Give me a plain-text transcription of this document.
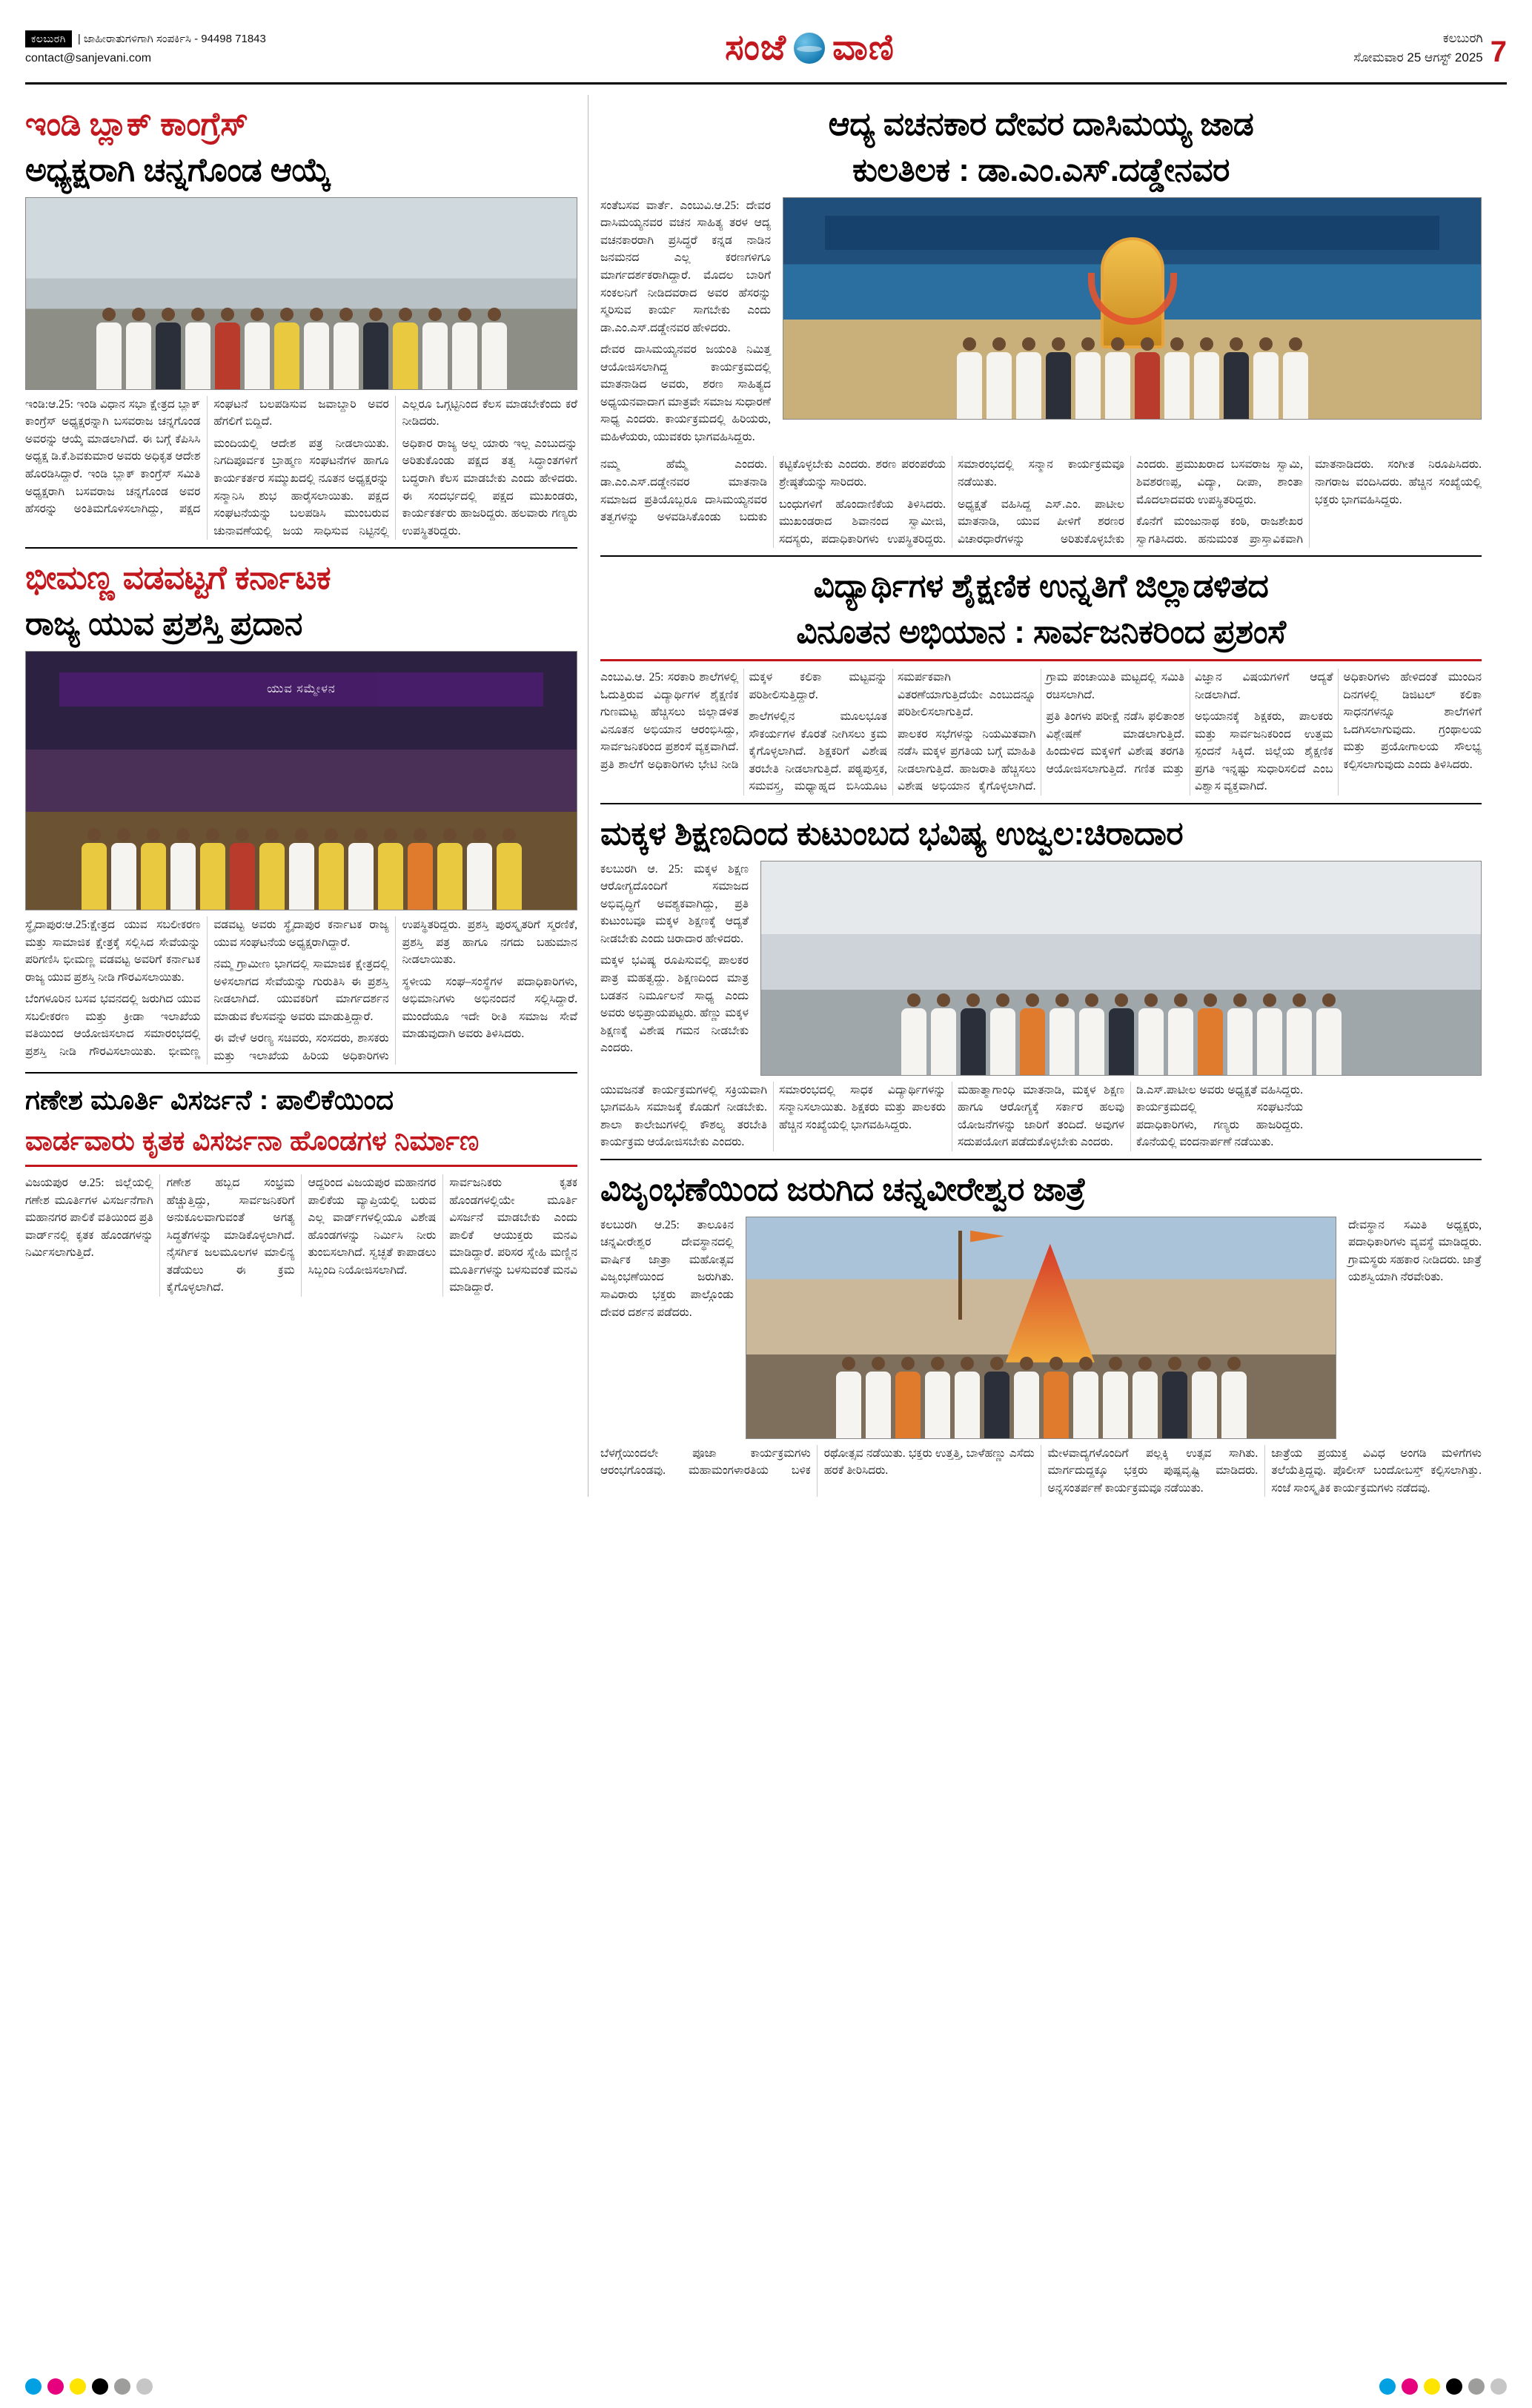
ಕಲಬುರಗಿ	| ಜಾಹೀರಾತುಗಳಿಗಾಗಿ ಸಂಪರ್ಕಿಸಿ - 94498 71843
contact@sanjevani.com	ಸಂಜೆ ವಾಣಿ	ಕಲಬುರಗಿ
ಸೋಮವಾರ 25 ಆಗಸ್ಟ್ 2025 7
ಇಂಡಿ ಬ್ಲಾಕ್ ಕಾಂಗ್ರೆಸ್
ಅಧ್ಯಕ್ಷರಾಗಿ ಚನ್ನಗೊಂಡ ಆಯ್ಕೆ

ಇಂಡಿ:ಆ.25: ಇಂಡಿ ವಿಧಾನ ಸಭಾ ಕ್ಷೇತ್ರದ ಬ್ಲಾಕ್ ಕಾಂಗ್ರೆಸ್ ಅಧ್ಯಕ್ಷರನ್ನಾಗಿ ಬಸವರಾಜ ಚನ್ನಗೊಂಡ ಅವರನ್ನು ಆಯ್ಕೆ ಮಾಡಲಾಗಿದೆ. ಈ ಬಗ್ಗೆ ಕೆಪಿಸಿಸಿ ಅಧ್ಯಕ್ಷ ಡಿ.ಕೆ.ಶಿವಕುಮಾರ ಅವರು ಅಧಿಕೃತ ಆದೇಶ ಹೊರಡಿಸಿದ್ದಾರೆ. ಇಂಡಿ ಬ್ಲಾಕ್ ಕಾಂಗ್ರೆಸ್ ಸಮಿತಿ ಅಧ್ಯಕ್ಷರಾಗಿ ಬಸವರಾಜ ಚನ್ನಗೊಂಡ ಅವರ ಹೆಸರನ್ನು ಅಂತಿಮಗೊಳಿಸಲಾಗಿದ್ದು, ಪಕ್ಷದ ಸಂಘಟನೆ ಬಲಪಡಿಸುವ ಜವಾಬ್ದಾರಿ ಅವರ ಹೆಗಲಿಗೆ ಬಿದ್ದಿದೆ.

ಮಂದಿಯಲ್ಲಿ ಆದೇಶ ಪತ್ರ ನೀಡಲಾಯಿತು. ನಿಗದಿಪೂರ್ವಕ ಬ್ರಾಹ್ಮಣ ಸಂಘಟನೆಗಳ ಹಾಗೂ ಕಾರ್ಯಕರ್ತರ ಸಮ್ಮುಖದಲ್ಲಿ ನೂತನ ಅಧ್ಯಕ್ಷರನ್ನು ಸನ್ಮಾನಿಸಿ ಶುಭ ಹಾರೈಸಲಾಯಿತು. ಪಕ್ಷದ ಸಂಘಟನೆಯನ್ನು ಬಲಪಡಿಸಿ ಮುಂಬರುವ ಚುನಾವಣೆಯಲ್ಲಿ ಜಯ ಸಾಧಿಸುವ ನಿಟ್ಟಿನಲ್ಲಿ ಎಲ್ಲರೂ ಒಗ್ಗಟ್ಟಿನಿಂದ ಕೆಲಸ ಮಾಡಬೇಕೆಂದು ಕರೆ ನೀಡಿದರು.

ಅಧಿಕಾರ ರಾಜ್ಯ ಅಲ್ಲ ಯಾರು ಇಲ್ಲ ಎಂಬುದನ್ನು ಅರಿತುಕೊಂಡು ಪಕ್ಷದ ತತ್ವ ಸಿದ್ಧಾಂತಗಳಿಗೆ ಬದ್ಧರಾಗಿ ಕೆಲಸ ಮಾಡಬೇಕು ಎಂದು ಹೇಳಿದರು. ಈ ಸಂದರ್ಭದಲ್ಲಿ ಪಕ್ಷದ ಮುಖಂಡರು, ಕಾರ್ಯಕರ್ತರು ಹಾಜರಿದ್ದರು. ಹಲವಾರು ಗಣ್ಯರು ಉಪಸ್ಥಿತರಿದ್ದರು.

ಭೀಮಣ್ಣ ವಡವಟ್ಟಗೆ ಕರ್ನಾಟಕ
ರಾಜ್ಯ ಯುವ ಪ್ರಶಸ್ತಿ ಪ್ರದಾನ
ಯುವ ಸಮ್ಮೇಳನ

ಸ್ಥೈದಾಪುರ:ಆ.25:ಕ್ಷೇತ್ರದ ಯುವ ಸಬಲೀಕರಣ ಮತ್ತು ಸಾಮಾಜಿಕ ಕ್ಷೇತ್ರಕ್ಕೆ ಸಲ್ಲಿಸಿದ ಸೇವೆಯನ್ನು ಪರಿಗಣಿಸಿ ಭೀಮಣ್ಣ ವಡವಟ್ಟ ಅವರಿಗೆ ಕರ್ನಾಟಕ ರಾಜ್ಯ ಯುವ ಪ್ರಶಸ್ತಿ ನೀಡಿ ಗೌರವಿಸಲಾಯಿತು.

ಬೆಂಗಳೂರಿನ ಬಸವ ಭವನದಲ್ಲಿ ಜರುಗಿದ ಯುವ ಸಬಲೀಕರಣ ಮತ್ತು ಕ್ರೀಡಾ ಇಲಾಖೆಯ ವತಿಯಿಂದ ಆಯೋಜಿಸಲಾದ ಸಮಾರಂಭದಲ್ಲಿ ಪ್ರಶಸ್ತಿ ನೀಡಿ ಗೌರವಿಸಲಾಯಿತು. ಭೀಮಣ್ಣ ವಡವಟ್ಟ ಅವರು ಸ್ಥೈದಾಪುರ ಕರ್ನಾಟಕ ರಾಜ್ಯ ಯುವ ಸಂಘಟನೆಯ ಅಧ್ಯಕ್ಷರಾಗಿದ್ದಾರೆ.

ನಮ್ಮ ಗ್ರಾಮೀಣ ಭಾಗದಲ್ಲಿ ಸಾಮಾಜಿಕ ಕ್ಷೇತ್ರದಲ್ಲಿ ಅಳಿಸಲಾಗದ ಸೇವೆಯನ್ನು ಗುರುತಿಸಿ ಈ ಪ್ರಶಸ್ತಿ ನೀಡಲಾಗಿದೆ. ಯುವಕರಿಗೆ ಮಾರ್ಗದರ್ಶನ ಮಾಡುವ ಕೆಲಸವನ್ನು ಅವರು ಮಾಡುತ್ತಿದ್ದಾರೆ.

ಈ ವೇಳೆ ಅರಣ್ಯ ಸಚಿವರು, ಸಂಸದರು, ಶಾಸಕರು ಮತ್ತು ಇಲಾಖೆಯ ಹಿರಿಯ ಅಧಿಕಾರಿಗಳು ಉಪಸ್ಥಿತರಿದ್ದರು. ಪ್ರಶಸ್ತಿ ಪುರಸ್ಕೃತರಿಗೆ ಸ್ಮರಣಿಕೆ, ಪ್ರಶಸ್ತಿ ಪತ್ರ ಹಾಗೂ ನಗದು ಬಹುಮಾನ ನೀಡಲಾಯಿತು.

ಸ್ಥಳೀಯ ಸಂಘ–ಸಂಸ್ಥೆಗಳ ಪದಾಧಿಕಾರಿಗಳು, ಅಭಿಮಾನಿಗಳು ಅಭಿನಂದನೆ ಸಲ್ಲಿಸಿದ್ದಾರೆ. ಮುಂದೆಯೂ ಇದೇ ರೀತಿ ಸಮಾಜ ಸೇವೆ ಮಾಡುವುದಾಗಿ ಅವರು ತಿಳಿಸಿದರು.

ಗಣೇಶ ಮೂರ್ತಿ ವಿಸರ್ಜನೆ : ಪಾಲಿಕೆಯಿಂದ
ವಾರ್ಡವಾರು ಕೃತಕ ವಿಸರ್ಜನಾ ಹೊಂಡಗಳ ನಿರ್ಮಾಣ

ವಿಜಯಪುರ ಆ.25: ಜಿಲ್ಲೆಯಲ್ಲಿ ಗಣೇಶ ಮೂರ್ತಿಗಳ ವಿಸರ್ಜನೆಗಾಗಿ ಮಹಾನಗರ ಪಾಲಿಕೆ ವತಿಯಿಂದ ಪ್ರತಿ ವಾರ್ಡ್‌ನಲ್ಲಿ ಕೃತಕ ಹೊಂಡಗಳನ್ನು ನಿರ್ಮಿಸಲಾಗುತ್ತಿದೆ.

ಗಣೇಶ ಹಬ್ಬದ ಸಂಭ್ರಮ ಹೆಚ್ಚುತ್ತಿದ್ದು, ಸಾರ್ವಜನಿಕರಿಗೆ ಅನುಕೂಲವಾಗುವಂತೆ ಅಗತ್ಯ ಸಿದ್ಧತೆಗಳನ್ನು ಮಾಡಿಕೊಳ್ಳಲಾಗಿದೆ. ನೈಸರ್ಗಿಕ ಜಲಮೂಲಗಳ ಮಾಲಿನ್ಯ ತಡೆಯಲು ಈ ಕ್ರಮ ಕೈಗೊಳ್ಳಲಾಗಿದೆ.

ಆದ್ದರಿಂದ ವಿಜಯಪುರ ಮಹಾನಗರ ಪಾಲಿಕೆಯ ವ್ಯಾಪ್ತಿಯಲ್ಲಿ ಬರುವ ಎಲ್ಲ ವಾರ್ಡ್‌ಗಳಲ್ಲಿಯೂ ವಿಶೇಷ ಹೊಂಡಗಳನ್ನು ನಿರ್ಮಿಸಿ ನೀರು ತುಂಬಿಸಲಾಗಿದೆ. ಸ್ವಚ್ಛತೆ ಕಾಪಾಡಲು ಸಿಬ್ಬಂದಿ ನಿಯೋಜಿಸಲಾಗಿದೆ.

ಸಾರ್ವಜನಿಕರು ಕೃತಕ ಹೊಂಡಗಳಲ್ಲಿಯೇ ಮೂರ್ತಿ ವಿಸರ್ಜನೆ ಮಾಡಬೇಕು ಎಂದು ಪಾಲಿಕೆ ಆಯುಕ್ತರು ಮನವಿ ಮಾಡಿದ್ದಾರೆ. ಪರಿಸರ ಸ್ನೇಹಿ ಮಣ್ಣಿನ ಮೂರ್ತಿಗಳನ್ನು ಬಳಸುವಂತೆ ಮನವಿ ಮಾಡಿದ್ದಾರೆ.

ಆದ್ಯ ವಚನಕಾರ ದೇವರ ದಾಸಿಮಯ್ಯ ಜಾಡ
ಕುಲತಿಲಕ : ಡಾ.ಎಂ.ಎಸ್.ದಡ್ಡೇನವರ

ಸಂತೆಬಸವ ವಾರ್ತೆ. ಎಂಬುವಿ.ಆ.25: ದೇವರ ದಾಸಿಮಯ್ಯನವರ ವಚನ ಸಾಹಿತ್ಯ ತರಳ ಆದ್ಯ ವಚನಕಾರರಾಗಿ ಪ್ರಸಿದ್ಧರೆ ಕನ್ನಡ ನಾಡಿನ ಜನಮನದ ಎಲ್ಲ ಕರಣಗಳಿಗೂ ಮಾರ್ಗದರ್ಶಕರಾಗಿದ್ದಾರೆ. ಮೊದಲ ಬಾರಿಗೆ ಸಂಕಲನಿಗೆ ನೀಡಿದವರಾದ ಅವರ ಹೆಸರನ್ನು ಸ್ಮರಿಸುವ ಕಾರ್ಯ ಸಾಗಬೇಕು ಎಂದು ಡಾ.ಎಂ.ಎಸ್.ದಡ್ಡೇನವರ ಹೇಳಿದರು.

ದೇವರ ದಾಸಿಮಯ್ಯನವರ ಜಯಂತಿ ನಿಮಿತ್ತ ಆಯೋಜಿಸಲಾಗಿದ್ದ ಕಾರ್ಯಕ್ರಮದಲ್ಲಿ ಮಾತನಾಡಿದ ಅವರು, ಶರಣ ಸಾಹಿತ್ಯದ ಅಧ್ಯಯನವಾದಾಗ ಮಾತ್ರವೇ ಸಮಾಜ ಸುಧಾರಣೆ ಸಾಧ್ಯ ಎಂದರು. ಕಾರ್ಯಕ್ರಮದಲ್ಲಿ ಹಿರಿಯರು, ಮಹಿಳೆಯರು, ಯುವಕರು ಭಾಗವಹಿಸಿದ್ದರು.

ನಮ್ಮ ಹೆಮ್ಮೆ ಎಂದರು. ಡಾ.ಎಂ.ಎಸ್.ದಡ್ಡೇನವರ ಮಾತನಾಡಿ ಸಮಾಜದ ಪ್ರತಿಯೊಬ್ಬರೂ ದಾಸಿಮಯ್ಯನವರ ತತ್ವಗಳನ್ನು ಅಳವಡಿಸಿಕೊಂಡು ಬದುಕು ಕಟ್ಟಿಕೊಳ್ಳಬೇಕು ಎಂದರು. ಶರಣ ಪರಂಪರೆಯ ಶ್ರೇಷ್ಠತೆಯನ್ನು ಸಾರಿದರು.

ಬಂಧುಗಳಿಗೆ ಹೊಂದಾಣಿಕೆಯ ತಿಳಿಸಿದರು. ಮುಖಂಡರಾದ ಶಿವಾನಂದ ಸ್ವಾಮೀಜಿ, ಸದಸ್ಯರು, ಪದಾಧಿಕಾರಿಗಳು ಉಪಸ್ಥಿತರಿದ್ದರು. ಸಮಾರಂಭದಲ್ಲಿ ಸನ್ಮಾನ ಕಾರ್ಯಕ್ರಮವೂ ನಡೆಯಿತು.

ಅಧ್ಯಕ್ಷತೆ ವಹಿಸಿದ್ದ ಎಸ್.ಎಂ. ಪಾಟೀಲ ಮಾತನಾಡಿ, ಯುವ ಪೀಳಿಗೆ ಶರಣರ ವಿಚಾರಧಾರೆಗಳನ್ನು ಅರಿತುಕೊಳ್ಳಬೇಕು ಎಂದರು. ಪ್ರಮುಖರಾದ ಬಸವರಾಜ ಸ್ವಾಮಿ, ಶಿವಶರಣಪ್ಪ, ವಿದ್ಯಾ, ದೀಪಾ, ಶಾಂತಾ ಮೊದಲಾದವರು ಉಪಸ್ಥಿತರಿದ್ದರು.

ಕೊನೆಗೆ ಮಂಜುನಾಥ ಕಂಠಿ, ರಾಜಶೇಖರ ಸ್ವಾಗತಿಸಿದರು. ಹನುಮಂತ ಪ್ರಾಸ್ತಾವಿಕವಾಗಿ ಮಾತನಾಡಿದರು. ಸಂಗೀತ ನಿರೂಪಿಸಿದರು. ನಾಗರಾಜ ವಂದಿಸಿದರು. ಹೆಚ್ಚಿನ ಸಂಖ್ಯೆಯಲ್ಲಿ ಭಕ್ತರು ಭಾಗವಹಿಸಿದ್ದರು.

ವಿದ್ಯಾರ್ಥಿಗಳ ಶೈಕ್ಷಣಿಕ ಉನ್ನತಿಗೆ ಜಿಲ್ಲಾಡಳಿತದ
ವಿನೂತನ ಅಭಿಯಾನ : ಸಾರ್ವಜನಿಕರಿಂದ ಪ್ರಶಂಸೆ

ಎಂಬುವಿ.ಆ. 25: ಸರಕಾರಿ ಶಾಲೆಗಳಲ್ಲಿ ಓದುತ್ತಿರುವ ವಿದ್ಯಾರ್ಥಿಗಳ ಶೈಕ್ಷಣಿಕ ಗುಣಮಟ್ಟ ಹೆಚ್ಚಿಸಲು ಜಿಲ್ಲಾಡಳಿತ ವಿನೂತನ ಅಭಿಯಾನ ಆರಂಭಿಸಿದ್ದು, ಸಾರ್ವಜನಿಕರಿಂದ ಪ್ರಶಂಸೆ ವ್ಯಕ್ತವಾಗಿದೆ. ಪ್ರತಿ ಶಾಲೆಗೆ ಅಧಿಕಾರಿಗಳು ಭೇಟಿ ನೀಡಿ ಮಕ್ಕಳ ಕಲಿಕಾ ಮಟ್ಟವನ್ನು ಪರಿಶೀಲಿಸುತ್ತಿದ್ದಾರೆ.

ಶಾಲೆಗಳಲ್ಲಿನ ಮೂಲಭೂತ ಸೌಕರ್ಯಗಳ ಕೊರತೆ ನೀಗಿಸಲು ಕ್ರಮ ಕೈಗೊಳ್ಳಲಾಗಿದೆ. ಶಿಕ್ಷಕರಿಗೆ ವಿಶೇಷ ತರಬೇತಿ ನೀಡಲಾಗುತ್ತಿದೆ. ಪಠ್ಯಪುಸ್ತಕ, ಸಮವಸ್ತ್ರ, ಮಧ್ಯಾಹ್ನದ ಬಿಸಿಯೂಟ ಸಮರ್ಪಕವಾಗಿ ವಿತರಣೆಯಾಗುತ್ತಿದೆಯೇ ಎಂಬುದನ್ನೂ ಪರಿಶೀಲಿಸಲಾಗುತ್ತಿದೆ.

ಪಾಲಕರ ಸಭೆಗಳನ್ನು ನಿಯಮಿತವಾಗಿ ನಡೆಸಿ ಮಕ್ಕಳ ಪ್ರಗತಿಯ ಬಗ್ಗೆ ಮಾಹಿತಿ ನೀಡಲಾಗುತ್ತಿದೆ. ಹಾಜರಾತಿ ಹೆಚ್ಚಿಸಲು ವಿಶೇಷ ಅಭಿಯಾನ ಕೈಗೊಳ್ಳಲಾಗಿದೆ. ಗ್ರಾಮ ಪಂಚಾಯಿತಿ ಮಟ್ಟದಲ್ಲಿ ಸಮಿತಿ ರಚಿಸಲಾಗಿದೆ.

ಪ್ರತಿ ತಿಂಗಳು ಪರೀಕ್ಷೆ ನಡೆಸಿ ಫಲಿತಾಂಶ ವಿಶ್ಲೇಷಣೆ ಮಾಡಲಾಗುತ್ತಿದೆ. ಹಿಂದುಳಿದ ಮಕ್ಕಳಿಗೆ ವಿಶೇಷ ತರಗತಿ ಆಯೋಜಿಸಲಾಗುತ್ತಿದೆ. ಗಣಿತ ಮತ್ತು ವಿಜ್ಞಾನ ವಿಷಯಗಳಿಗೆ ಆದ್ಯತೆ ನೀಡಲಾಗಿದೆ.

ಅಭಿಯಾನಕ್ಕೆ ಶಿಕ್ಷಕರು, ಪಾಲಕರು ಮತ್ತು ಸಾರ್ವಜನಿಕರಿಂದ ಉತ್ತಮ ಸ್ಪಂದನೆ ಸಿಕ್ಕಿದೆ. ಜಿಲ್ಲೆಯ ಶೈಕ್ಷಣಿಕ ಪ್ರಗತಿ ಇನ್ನಷ್ಟು ಸುಧಾರಿಸಲಿದೆ ಎಂಬ ವಿಶ್ವಾಸ ವ್ಯಕ್ತವಾಗಿದೆ.

ಅಧಿಕಾರಿಗಳು ಹೇಳಿದಂತೆ ಮುಂದಿನ ದಿನಗಳಲ್ಲಿ ಡಿಜಿಟಲ್ ಕಲಿಕಾ ಸಾಧನಗಳನ್ನೂ ಶಾಲೆಗಳಿಗೆ ಒದಗಿಸಲಾಗುವುದು. ಗ್ರಂಥಾಲಯ ಮತ್ತು ಪ್ರಯೋಗಾಲಯ ಸೌಲಭ್ಯ ಕಲ್ಪಿಸಲಾಗುವುದು ಎಂದು ತಿಳಿಸಿದರು.

ಮಕ್ಕಳ ಶಿಕ್ಷಣದಿಂದ ಕುಟುಂಬದ ಭವಿಷ್ಯ ಉಜ್ವಲ:ಚಿರಾದಾರ

ಕಲಬುರಗಿ ಆ. 25: ಮಕ್ಕಳ ಶಿಕ್ಷಣ ಆರೋಗ್ಯದೊಂದಿಗೆ ಸಮಾಜದ ಅಭಿವೃದ್ಧಿಗೆ ಅವಶ್ಯಕವಾಗಿದ್ದು, ಪ್ರತಿ ಕುಟುಂಬವೂ ಮಕ್ಕಳ ಶಿಕ್ಷಣಕ್ಕೆ ಆದ್ಯತೆ ನೀಡಬೇಕು ಎಂದು ಚಿರಾದಾರ ಹೇಳಿದರು.

ಮಕ್ಕಳ ಭವಿಷ್ಯ ರೂಪಿಸುವಲ್ಲಿ ಪಾಲಕರ ಪಾತ್ರ ಮಹತ್ವದ್ದು. ಶಿಕ್ಷಣದಿಂದ ಮಾತ್ರ ಬಡತನ ನಿರ್ಮೂಲನೆ ಸಾಧ್ಯ ಎಂದು ಅವರು ಅಭಿಪ್ರಾಯಪಟ್ಟರು. ಹೆಣ್ಣು ಮಕ್ಕಳ ಶಿಕ್ಷಣಕ್ಕೆ ವಿಶೇಷ ಗಮನ ನೀಡಬೇಕು ಎಂದರು.

ಯುವಜನತೆ ಕಾರ್ಯಕ್ರಮಗಳಲ್ಲಿ ಸಕ್ರಿಯವಾಗಿ ಭಾಗವಹಿಸಿ ಸಮಾಜಕ್ಕೆ ಕೊಡುಗೆ ನೀಡಬೇಕು. ಶಾಲಾ ಕಾಲೇಜುಗಳಲ್ಲಿ ಕೌಶಲ್ಯ ತರಬೇತಿ ಕಾರ್ಯಕ್ರಮ ಆಯೋಜಿಸಬೇಕು ಎಂದರು.

ಸಮಾರಂಭದಲ್ಲಿ ಸಾಧಕ ವಿದ್ಯಾರ್ಥಿಗಳನ್ನು ಸನ್ಮಾನಿಸಲಾಯಿತು. ಶಿಕ್ಷಕರು ಮತ್ತು ಪಾಲಕರು ಹೆಚ್ಚಿನ ಸಂಖ್ಯೆಯಲ್ಲಿ ಭಾಗವಹಿಸಿದ್ದರು.

ಮಹಾತ್ಮಾಗಾಂಧಿ ಮಾತನಾಡಿ, ಮಕ್ಕಳ ಶಿಕ್ಷಣ ಹಾಗೂ ಆರೋಗ್ಯಕ್ಕೆ ಸರ್ಕಾರ ಹಲವು ಯೋಜನೆಗಳನ್ನು ಜಾರಿಗೆ ತಂದಿದೆ. ಅವುಗಳ ಸದುಪಯೋಗ ಪಡೆದುಕೊಳ್ಳಬೇಕು ಎಂದರು.

ಡಿ.ಎಸ್.ಪಾಟೀಲ ಅವರು ಅಧ್ಯಕ್ಷತೆ ವಹಿಸಿದ್ದರು. ಕಾರ್ಯಕ್ರಮದಲ್ಲಿ ಸಂಘಟನೆಯ ಪದಾಧಿಕಾರಿಗಳು, ಗಣ್ಯರು ಹಾಜರಿದ್ದರು. ಕೊನೆಯಲ್ಲಿ ವಂದನಾರ್ಪಣೆ ನಡೆಯಿತು.

ವಿಜೃಂಭಣೆಯಿಂದ ಜರುಗಿದ ಚನ್ನವೀರೇಶ್ವರ ಜಾತ್ರೆ

ಕಲಬುರಗಿ ಆ.25: ತಾಲೂಕಿನ ಚನ್ನವೀರೇಶ್ವರ ದೇವಸ್ಥಾನದಲ್ಲಿ ವಾರ್ಷಿಕ ಜಾತ್ರಾ ಮಹೋತ್ಸವ ವಿಜೃಂಭಣೆಯಿಂದ ಜರುಗಿತು. ಸಾವಿರಾರು ಭಕ್ತರು ಪಾಲ್ಗೊಂಡು ದೇವರ ದರ್ಶನ ಪಡೆದರು.

ದೇವಸ್ಥಾನ ಸಮಿತಿ ಅಧ್ಯಕ್ಷರು, ಪದಾಧಿಕಾರಿಗಳು ವ್ಯವಸ್ಥೆ ಮಾಡಿದ್ದರು. ಗ್ರಾಮಸ್ಥರು ಸಹಕಾರ ನೀಡಿದರು. ಜಾತ್ರೆ ಯಶಸ್ವಿಯಾಗಿ ನೆರವೇರಿತು.

ಬೆಳಗ್ಗೆಯಿಂದಲೇ ಪೂಜಾ ಕಾರ್ಯಕ್ರಮಗಳು ಆರಂಭಗೊಂಡವು. ಮಹಾಮಂಗಳಾರತಿಯ ಬಳಿಕ ರಥೋತ್ಸವ ನಡೆಯಿತು. ಭಕ್ತರು ಉತ್ತತ್ತಿ, ಬಾಳೆಹಣ್ಣು ಎಸೆದು ಹರಕೆ ತೀರಿಸಿದರು.

ಮೇಳವಾದ್ಯಗಳೊಂದಿಗೆ ಪಲ್ಲಕ್ಕಿ ಉತ್ಸವ ಸಾಗಿತು. ಮಾರ್ಗದುದ್ದಕ್ಕೂ ಭಕ್ತರು ಪುಷ್ಪವೃಷ್ಟಿ ಮಾಡಿದರು. ಅನ್ನಸಂತರ್ಪಣೆ ಕಾರ್ಯಕ್ರಮವೂ ನಡೆಯಿತು.

ಜಾತ್ರೆಯ ಪ್ರಯುಕ್ತ ವಿವಿಧ ಅಂಗಡಿ ಮಳಿಗೆಗಳು ತಲೆಯೆತ್ತಿದ್ದವು. ಪೊಲೀಸ್ ಬಂದೋಬಸ್ತ್ ಕಲ್ಪಿಸಲಾಗಿತ್ತು. ಸಂಜೆ ಸಾಂಸ್ಕೃತಿಕ ಕಾರ್ಯಕ್ರಮಗಳು ನಡೆದವು.
